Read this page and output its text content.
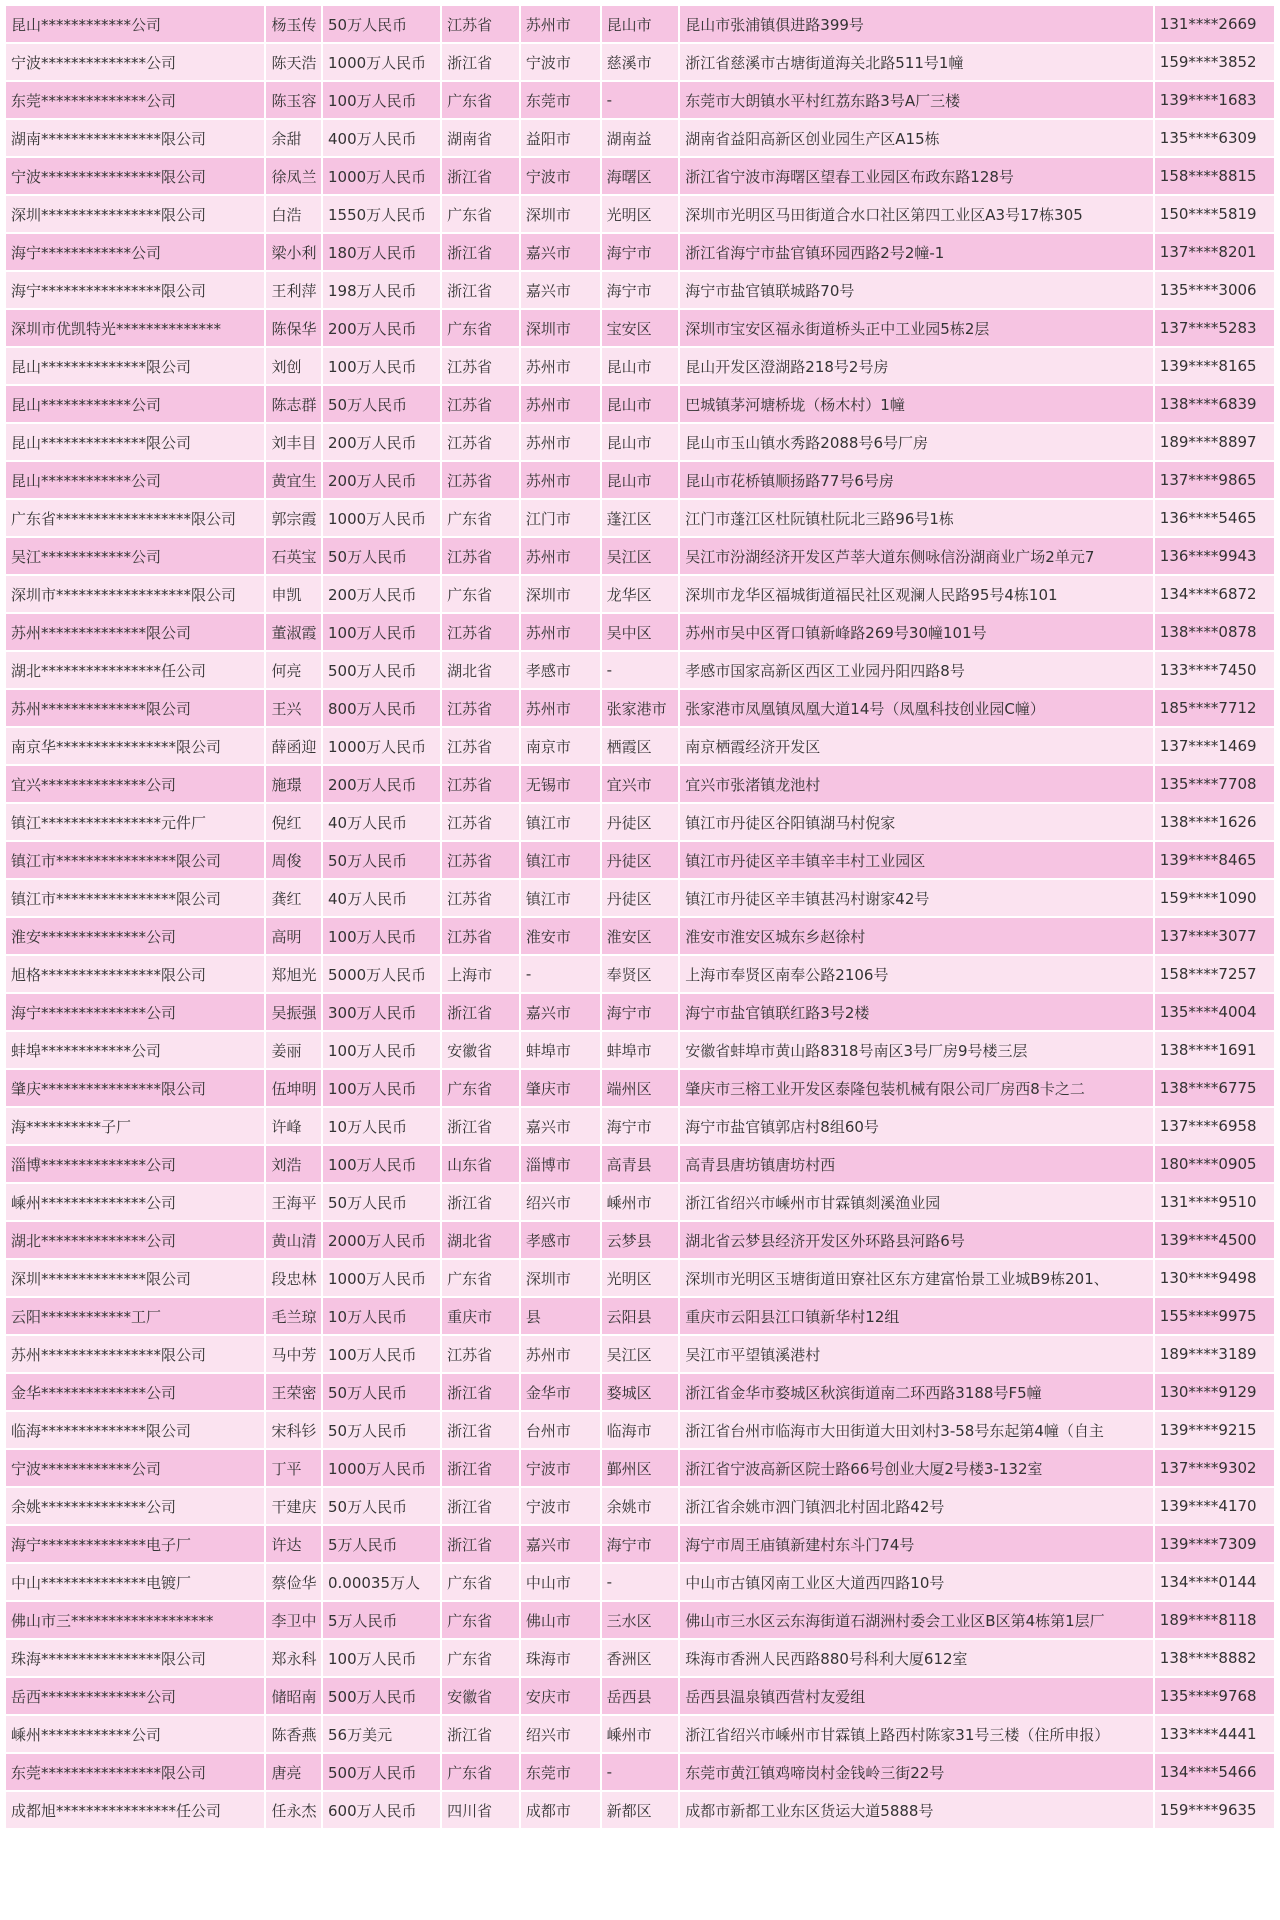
昆山************公司	杨玉传	50万人民币	江苏省	苏州市	昆山市	昆山市张浦镇俱进路399号	131****2669
宁波**************公司	陈天浩	1000万人民币	浙江省	宁波市	慈溪市	浙江省慈溪市古塘街道海关北路511号1幢	159****3852
东莞**************公司	陈玉容	100万人民币	广东省	东莞市	-	东莞市大朗镇水平村红荔东路3号A厂三楼	139****1683
湖南****************限公司	余甜	400万人民币	湖南省	益阳市	湖南益	湖南省益阳高新区创业园生产区A15栋	135****6309
宁波****************限公司	徐凤兰	1000万人民币	浙江省	宁波市	海曙区	浙江省宁波市海曙区望春工业园区布政东路128号	158****8815
深圳****************限公司	白浩	1550万人民币	广东省	深圳市	光明区	深圳市光明区马田街道合水口社区第四工业区A3号17栋305	150****5819
海宁************公司	梁小利	180万人民币	浙江省	嘉兴市	海宁市	浙江省海宁市盐官镇环园西路2号2幢-1	137****8201
海宁****************限公司	王利萍	198万人民币	浙江省	嘉兴市	海宁市	海宁市盐官镇联城路70号	135****3006
深圳市优凯特光**************	陈保华	200万人民币	广东省	深圳市	宝安区	深圳市宝安区福永街道桥头正中工业园5栋2层	137****5283
昆山**************限公司	刘创	100万人民币	江苏省	苏州市	昆山市	昆山开发区澄湖路218号2号房	139****8165
昆山************公司	陈志群	50万人民币	江苏省	苏州市	昆山市	巴城镇茅河塘桥垅（杨木村）1幢	138****6839
昆山**************限公司	刘丰目	200万人民币	江苏省	苏州市	昆山市	昆山市玉山镇水秀路2088号6号厂房	189****8897
昆山************公司	黄宜生	200万人民币	江苏省	苏州市	昆山市	昆山市花桥镇顺扬路77号6号房	137****9865
广东省******************限公司	郭宗霞	1000万人民币	广东省	江门市	蓬江区	江门市蓬江区杜阮镇杜阮北三路96号1栋	136****5465
吴江************公司	石英宝	50万人民币	江苏省	苏州市	吴江区	吴江市汾湖经济开发区芦莘大道东侧咏信汾湖商业广场2单元7	136****9943
深圳市******************限公司	申凯	200万人民币	广东省	深圳市	龙华区	深圳市龙华区福城街道福民社区观澜人民路95号4栋101	134****6872
苏州**************限公司	董淑霞	100万人民币	江苏省	苏州市	吴中区	苏州市吴中区胥口镇新峰路269号30幢101号	138****0878
湖北****************任公司	何亮	500万人民币	湖北省	孝感市	-	孝感市国家高新区西区工业园丹阳四路8号	133****7450
苏州**************限公司	王兴	800万人民币	江苏省	苏州市	张家港市	张家港市凤凰镇凤凰大道14号（凤凰科技创业园C幢）	185****7712
南京华****************限公司	薛函迎	1000万人民币	江苏省	南京市	栖霞区	南京栖霞经济开发区	137****1469
宜兴**************公司	施璟	200万人民币	江苏省	无锡市	宜兴市	宜兴市张渚镇龙池村	135****7708
镇江****************元件厂	倪红	40万人民币	江苏省	镇江市	丹徒区	镇江市丹徒区谷阳镇湖马村倪家	138****1626
镇江市****************限公司	周俊	50万人民币	江苏省	镇江市	丹徒区	镇江市丹徒区辛丰镇辛丰村工业园区	139****8465
镇江市****************限公司	龚红	40万人民币	江苏省	镇江市	丹徒区	镇江市丹徒区辛丰镇甚冯村谢家42号	159****1090
淮安**************公司	高明	100万人民币	江苏省	淮安市	淮安区	淮安市淮安区城东乡赵徐村	137****3077
旭格****************限公司	郑旭光	5000万人民币	上海市	-	奉贤区	上海市奉贤区南奉公路2106号	158****7257
海宁**************公司	吴振强	300万人民币	浙江省	嘉兴市	海宁市	海宁市盐官镇联红路3号2楼	135****4004
蚌埠************公司	姜丽	100万人民币	安徽省	蚌埠市	蚌埠市	安徽省蚌埠市黄山路8318号南区3号厂房9号楼三层	138****1691
肇庆****************限公司	伍坤明	100万人民币	广东省	肇庆市	端州区	肇庆市三榕工业开发区泰隆包装机械有限公司厂房西8卡之二	138****6775
海**********子厂	许峰	10万人民币	浙江省	嘉兴市	海宁市	海宁市盐官镇郭店村8组60号	137****6958
淄博**************公司	刘浩	100万人民币	山东省	淄博市	高青县	高青县唐坊镇唐坊村西	180****0905
嵊州**************公司	王海平	50万人民币	浙江省	绍兴市	嵊州市	浙江省绍兴市嵊州市甘霖镇剡溪渔业园	131****9510
湖北**************公司	黄山清	2000万人民币	湖北省	孝感市	云梦县	湖北省云梦县经济开发区外环路县河路6号	139****4500
深圳**************限公司	段忠林	1000万人民币	广东省	深圳市	光明区	深圳市光明区玉塘街道田寮社区东方建富怡景工业城B9栋201、	130****9498
云阳************工厂	毛兰琼	10万人民币	重庆市	县	云阳县	重庆市云阳县江口镇新华村12组	155****9975
苏州****************限公司	马中芳	100万人民币	江苏省	苏州市	吴江区	吴江市平望镇溪港村	189****3189
金华**************公司	王荣密	50万人民币	浙江省	金华市	婺城区	浙江省金华市婺城区秋滨街道南二环西路3188号F5幢	130****9129
临海**************限公司	宋科钐	50万人民币	浙江省	台州市	临海市	浙江省台州市临海市大田街道大田刘村3-58号东起第4幢（自主	139****9215
宁波************公司	丁平	1000万人民币	浙江省	宁波市	鄞州区	浙江省宁波高新区院士路66号创业大厦2号楼3-132室	137****9302
余姚**************公司	干建庆	50万人民币	浙江省	宁波市	余姚市	浙江省余姚市泗门镇泗北村固北路42号	139****4170
海宁**************电子厂	许达	5万人民币	浙江省	嘉兴市	海宁市	海宁市周王庙镇新建村东斗门74号	139****7309
中山**************电镀厂	蔡俭华	0.00035万人	广东省	中山市	-	中山市古镇冈南工业区大道西四路10号	134****0144
佛山市三*******************	李卫中	5万人民币	广东省	佛山市	三水区	佛山市三水区云东海街道石湖洲村委会工业区B区第4栋第1层厂	189****8118
珠海****************限公司	郑永科	100万人民币	广东省	珠海市	香洲区	珠海市香洲人民西路880号科利大厦612室	138****8882
岳西**************公司	储昭南	500万人民币	安徽省	安庆市	岳西县	岳西县温泉镇西营村友爱组	135****9768
嵊州************公司	陈香燕	56万美元	浙江省	绍兴市	嵊州市	浙江省绍兴市嵊州市甘霖镇上路西村陈家31号三楼（住所申报）	133****4441
东莞****************限公司	唐亮	500万人民币	广东省	东莞市	-	东莞市黄江镇鸡啼岗村金钱岭三街22号	134****5466
成都旭****************任公司	任永杰	600万人民币	四川省	成都市	新都区	成都市新都工业东区货运大道5888号	159****9635
